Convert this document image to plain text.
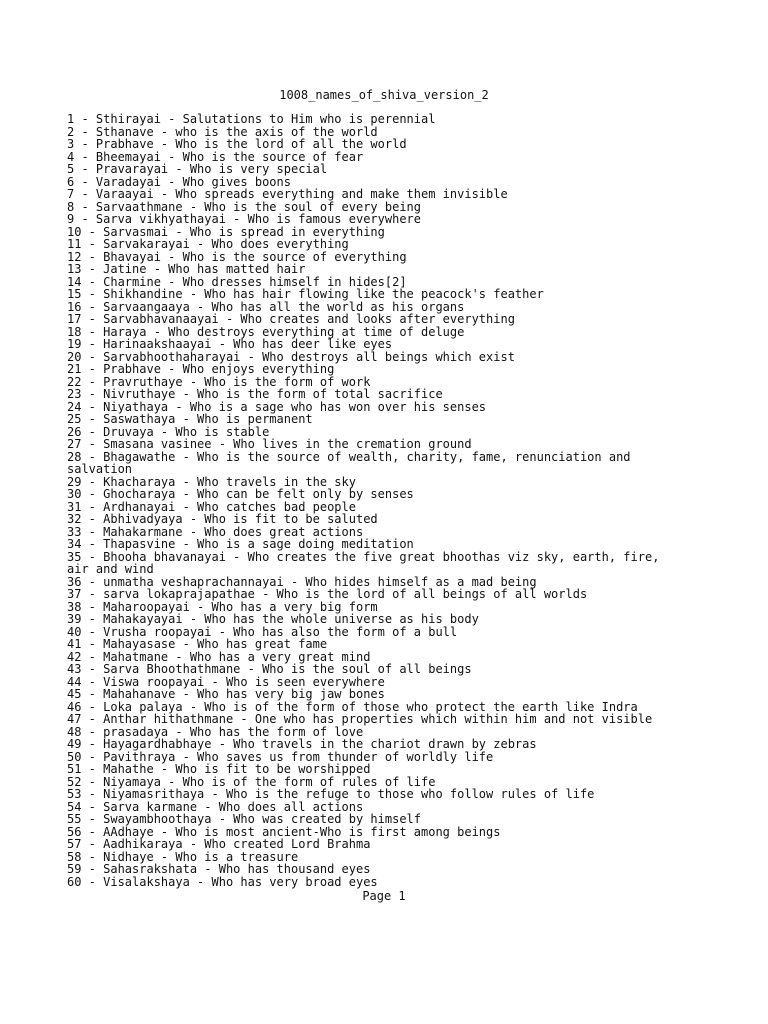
1008_names_of_shiva_version_2
1 - Sthirayai - Salutations to Him who is perennial
2 - Sthanave - who is the axis of the world
3 - Prabhave - Who is the lord of all the world
4 - Bheemayai - Who is the source of fear
5 - Pravarayai - Who is very special
6 - Varadayai - Who gives boons
7 - Varaayai - Who spreads everything and make them invisible
8 - Sarvaathmane - Who is the soul of every being
9 - Sarva vikhyathayai - Who is famous everywhere
10 - Sarvasmai - Who is spread in everything
11 - Sarvakarayai - Who does everything
12 - Bhavayai - Who is the source of everything
13 - Jatine - Who has matted hair
14 - Charmine - Who dresses himself in hides[2]
15 - Shikhandine - Who has hair flowing like the peacock's feather
16 - Sarvaangaaya - Who has all the world as his organs
17 - Sarvabhavanaayai - Who creates and looks after everything
18 - Haraya - Who destroys everything at time of deluge
19 - Harinaakshaayai - Who has deer like eyes
20 - Sarvabhoothaharayai - Who destroys all beings which exist
21 - Prabhave - Who enjoys everything
22 - Pravruthaye - Who is the form of work
23 - Nivruthaye - Who is the form of total sacrifice
24 - Niyathaya - Who is a sage who has won over his senses
25 - Saswathaya - Who is permanent
26 - Druvaya - Who is stable
27 - Smasana vasinee - Who lives in the cremation ground
28 - Bhagawathe - Who is the source of wealth, charity, fame, renunciation and
salvation
29 - Khacharaya - Who travels in the sky
30 - Ghocharaya - Who can be felt only by senses
31 - Ardhanayai - Who catches bad people
32 - Abhivadyaya - Who is fit to be saluted
33 - Mahakarmane - Who does great actions
34 - Thapasvine - Who is a sage doing meditation
35 - Bhooha bhavanayai - Who creates the five great bhoothas viz sky, earth, fire,
air and wind
36 - unmatha veshaprachannayai - Who hides himself as a mad being
37 - sarva lokaprajapathae - Who is the lord of all beings of all worlds
38 - Maharoopayai - Who has a very big form
39 - Mahakayayai - Who has the whole universe as his body
40 - Vrusha roopayai - Who has also the form of a bull
41 - Mahayasase - Who has great fame
42 - Mahatmane - Who has a very great mind
43 - Sarva Bhoothathmane - Who is the soul of all beings
44 - Viswa roopayai - Who is seen everywhere
45 - Mahahanave - Who has very big jaw bones
46 - Loka palaya - Who is of the form of those who protect the earth like Indra
47 - Anthar hithathmane - One who has properties which within him and not visible
48 - prasadaya - Who has the form of love
49 - Hayagardhabhaye - Who travels in the chariot drawn by zebras
50 - Pavithraya - Who saves us from thunder of worldly life
51 - Mahathe - Who is fit to be worshipped
52 - Niyamaya - Who is of the form of rules of life
53 - Niyamasrithaya - Who is the refuge to those who follow rules of life
54 - Sarva karmane - Who does all actions
55 - Swayambhoothaya - Who was created by himself
56 - AAdhaye - Who is most ancient-Who is first among beings
57 - Aadhikaraya - Who created Lord Brahma
58 - Nidhaye - Who is a treasure
59 - Sahasrakshata - Who has thousand eyes
60 - Visalakshaya - Who has very broad eyes
Page 1
